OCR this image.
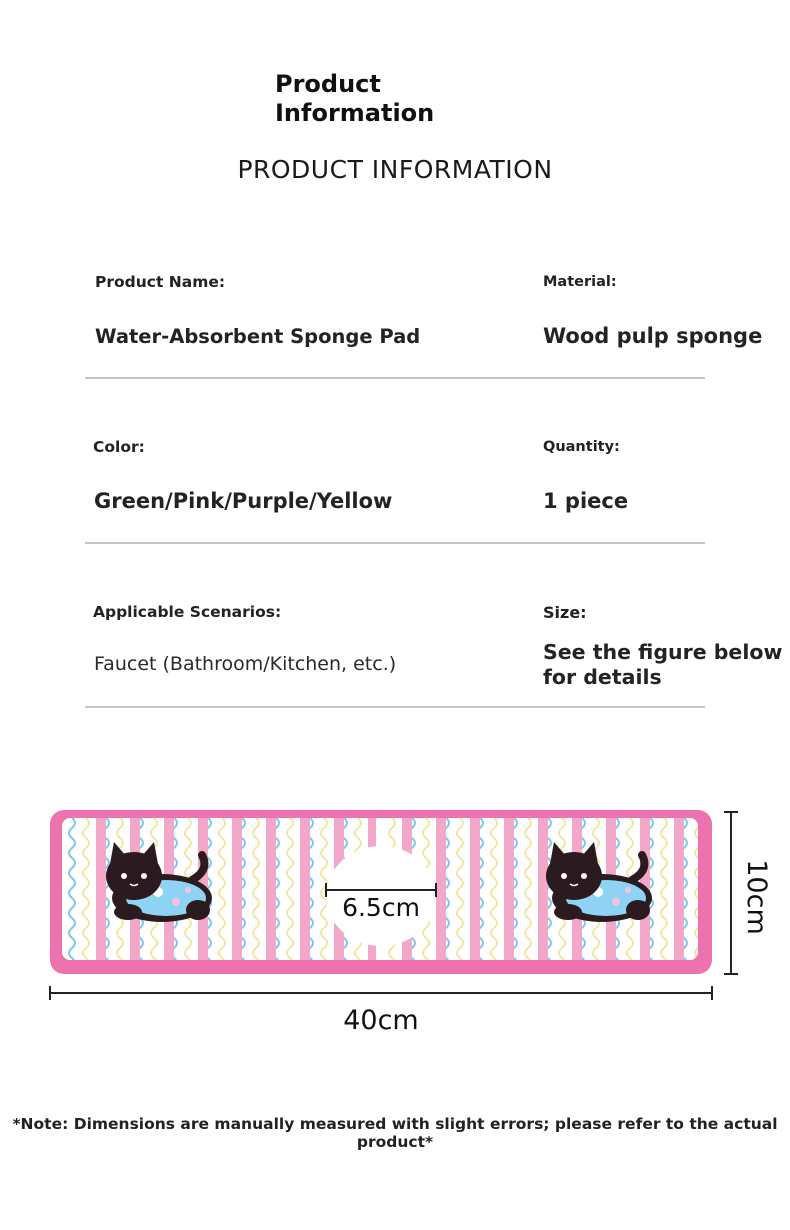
Product
Information
PRODUCT INFORMATION
Product Name:
Water-Absorbent Sponge Pad
Material:
Wood pulp sponge
Color:
Green/Pink/Purple/Yellow
Quantity:
1 piece
Applicable Scenarios:
Faucet (Bathroom/Kitchen, etc.)
Size:
See the figure below
for details
6.5cm	10cm
40cm
*Note: Dimensions are manually measured with slight errors; please refer to the actual product*
